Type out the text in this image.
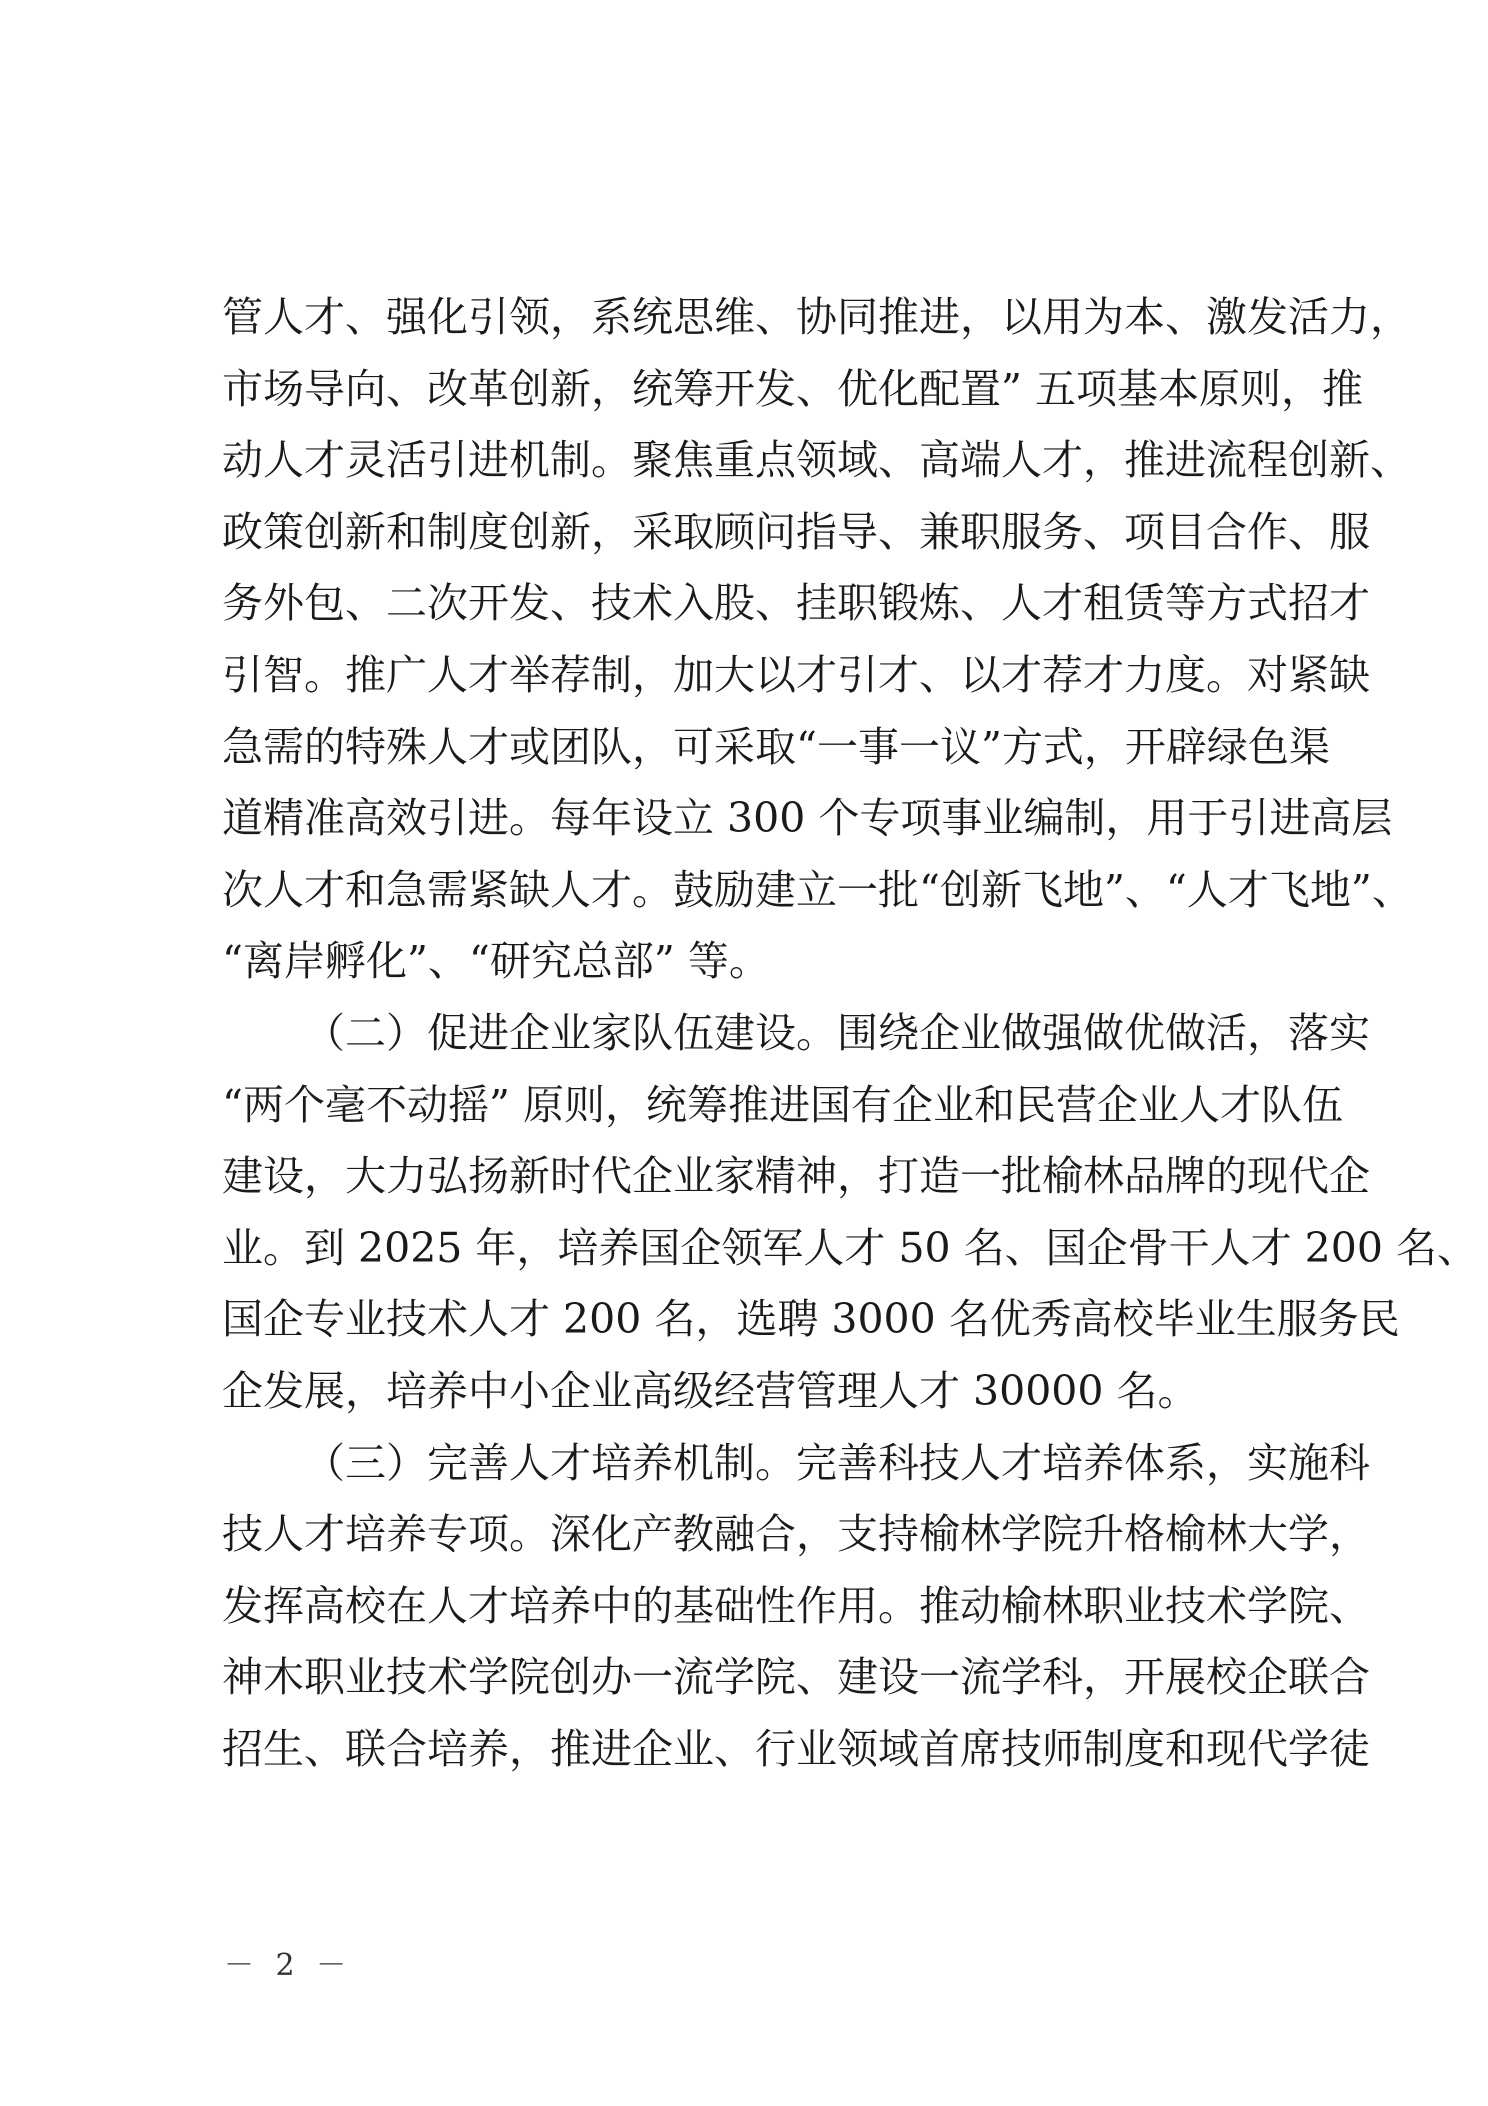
管人才、强化引领，系统思维、协同推进，以用为本、激发活力，
市场导向、改革创新，统筹开发、优化配置” 五项基本原则，推
动人才灵活引进机制。聚焦重点领域、高端人才，推进流程创新、
政策创新和制度创新，采取顾问指导、兼职服务、项目合作、服
务外包、二次开发、技术入股、挂职锻炼、人才租赁等方式招才
引智。推广人才举荐制，加大以才引才、以才荐才力度。对紧缺
急需的特殊人才或团队，可采取“一事一议”方式，开辟绿色渠
道精准高效引进。每年设立 300 个专项事业编制，用于引进高层
次人才和急需紧缺人才。鼓励建立一批“创新飞地”、“人才飞地”、
“离岸孵化”、“研究总部” 等。
（二）促进企业家队伍建设。围绕企业做强做优做活，落实
“两个毫不动摇” 原则，统筹推进国有企业和民营企业人才队伍
建设，大力弘扬新时代企业家精神，打造一批榆林品牌的现代企
业。到 2025 年，培养国企领军人才 50 名、国企骨干人才 200 名、
国企专业技术人才 200 名，选聘 3000 名优秀高校毕业生服务民
企发展，培养中小企业高级经营管理人才 30000 名。
（三）完善人才培养机制。完善科技人才培养体系，实施科
技人才培养专项。深化产教融合，支持榆林学院升格榆林大学，
发挥高校在人才培养中的基础性作用。推动榆林职业技术学院、
神木职业技术学院创办一流学院、建设一流学科，开展校企联合
招生、联合培养，推进企业、行业领域首席技师制度和现代学徒
－ 2 －
